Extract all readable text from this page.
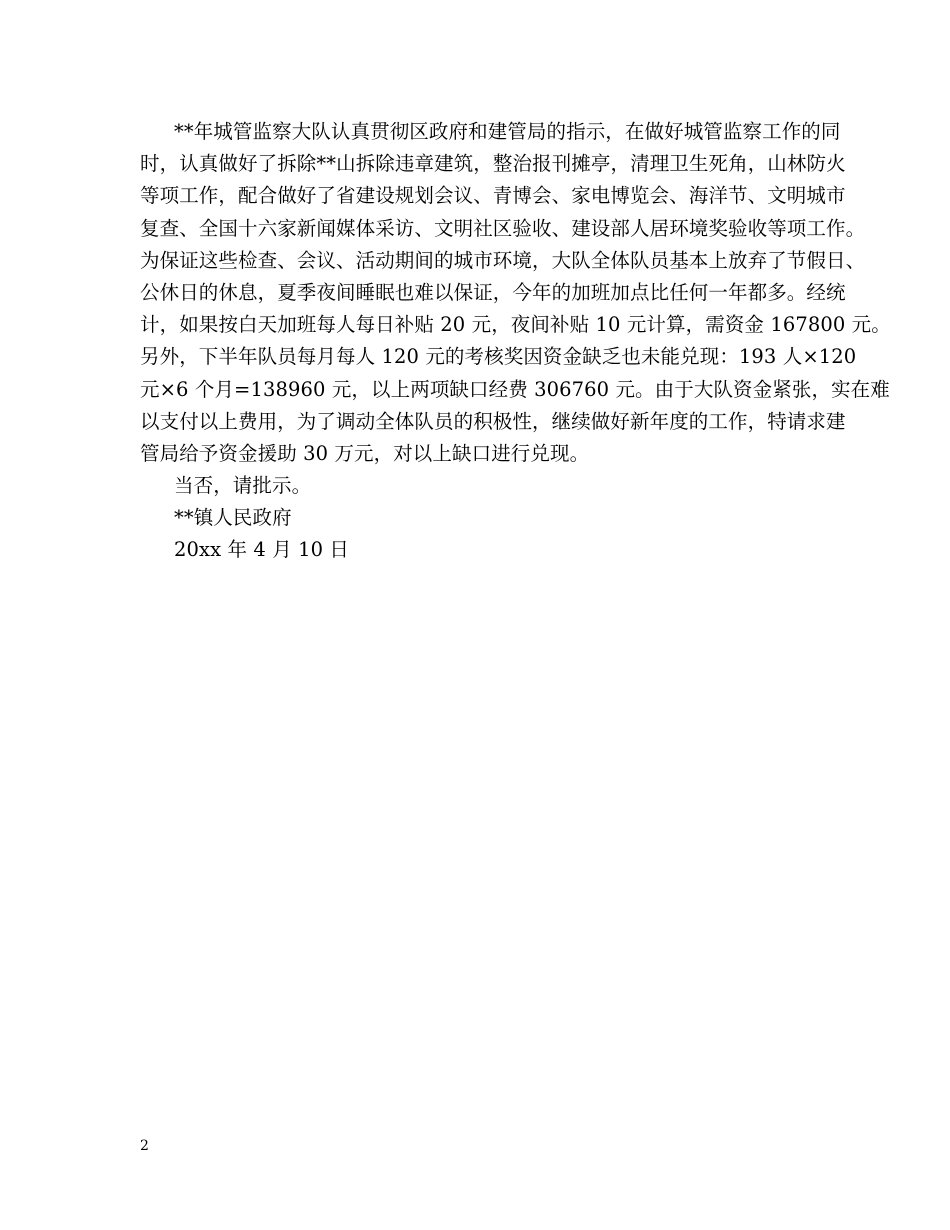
**年城管监察大队认真贯彻区政府和建管局的指示，在做好城管监察工作的同
时，认真做好了拆除**山拆除违章建筑，整治报刊摊亭，清理卫生死角，山林防火
等项工作，配合做好了省建设规划会议、青博会、家电博览会、海洋节、文明城市
复查、全国十六家新闻媒体采访、文明社区验收、建设部人居环境奖验收等项工作。
为保证这些检查、会议、活动期间的城市环境，大队全体队员基本上放弃了节假日、
公休日的休息，夏季夜间睡眠也难以保证，今年的加班加点比任何一年都多。经统
计，如果按白天加班每人每日补贴 20 元，夜间补贴 10 元计算，需资金 167800 元。
另外，下半年队员每月每人 120 元的考核奖因资金缺乏也未能兑现：193 人×120
元×6 个月=138960 元，以上两项缺口经费 306760 元。由于大队资金紧张，实在难
以支付以上费用，为了调动全体队员的积极性，继续做好新年度的工作，特请求建
管局给予资金援助 30 万元，对以上缺口进行兑现。
当否，请批示。
**镇人民政府
20xx 年 4 月 10 日
2
